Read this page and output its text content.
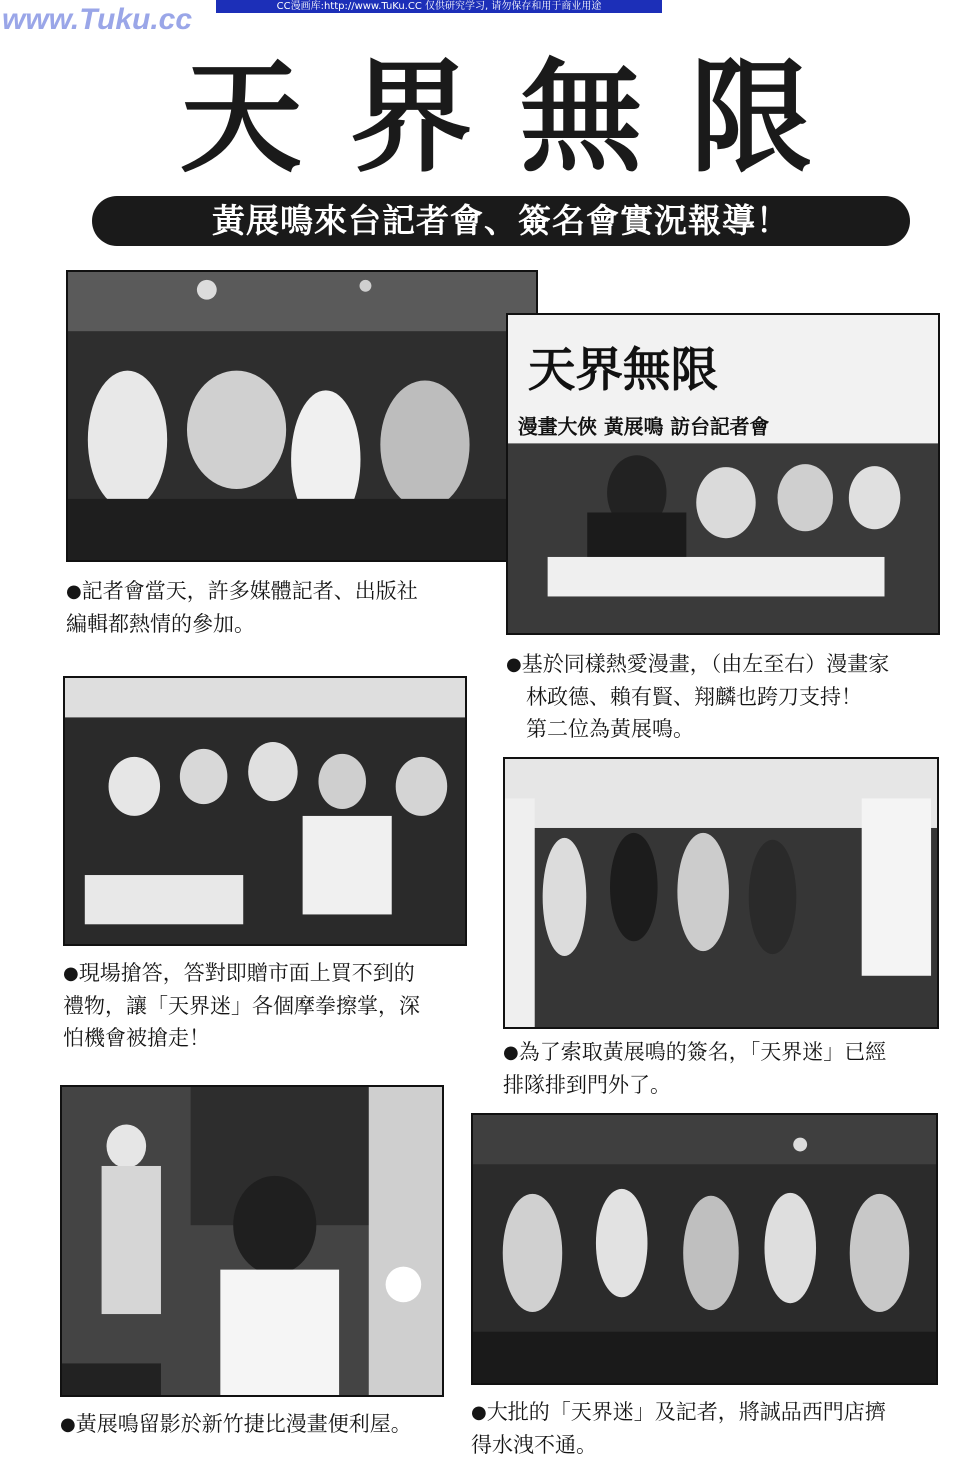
www.Tuku.cc	CC漫画库:http://www.TuKu.CC 仅供研究学习, 请勿保存和用于商业用途
天界無限
黃展鳴來台記者會、簽名會實況報導！
●記者會當天，許多媒體記者、出版社
編輯都熱情的參加。
天界無限
漫畫大俠 黃展鳴 訪台記者會
●基於同樣熱愛漫畫，（由左至右）漫畫家
林政德、賴有賢、翔麟也跨刀支持！
第二位為黃展鳴。
●現場搶答，答對即贈市面上買不到的
禮物，讓「天界迷」各個摩拳擦掌，深
怕機會被搶走！
●為了索取黃展鳴的簽名，「天界迷」已經
排隊排到門外了。
●黃展鳴留影於新竹捷比漫畫便利屋。	●大批的「天界迷」及記者，將誠品西門店擠
得水洩不通。
